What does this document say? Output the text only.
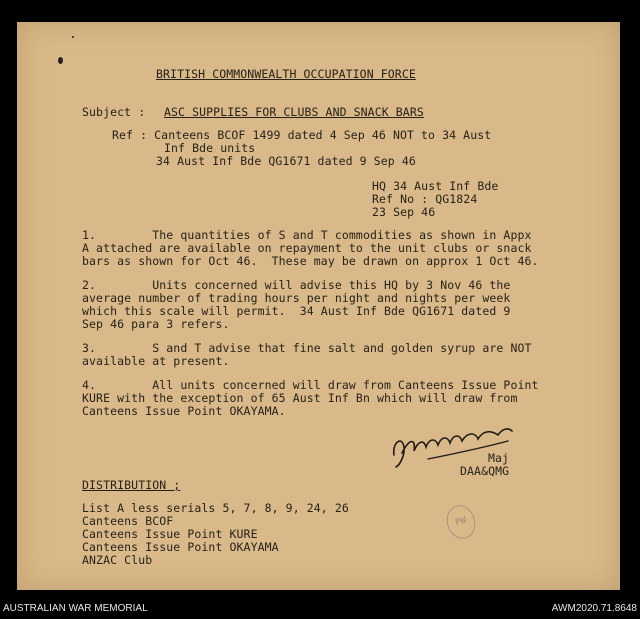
BRITISH COMMONWEALTH OCCUPATION FORCE
Subject : ASC SUPPLIES FOR CLUBS AND SNACK BARS
Ref : Canteens BCOF 1499 dated 4 Sep 46 NOT to 34 Aust
Inf Bde units
34 Aust Inf Bde QG1671 dated 9 Sep 46
HQ 34 Aust Inf Bde
Ref No : QG1824
23 Sep 46
1.        The quantities of S and T commodities as shown in Appx
A attached are available on repayment to the unit clubs or snack
bars as shown for Oct 46.  These may be drawn on approx 1 Oct 46.
2.        Units concerned will advise this HQ by 3 Nov 46 the
average number of trading hours per night and nights per week
which this scale will permit.  34 Aust Inf Bde QG1671 dated 9
Sep 46 para 3 refers.
3.        S and T advise that fine salt and golden syrup are NOT
available at present.
4.        All units concerned will draw from Canteens Issue Point
KURE with the exception of 65 Aust Inf Bn which will draw from
Canteens Issue Point OKAYAMA.
Maj
DAA&QMG
DISTRIBUTION ;
List A less serials 5, 7, 8, 9, 24, 26
Canteens BCOF
Canteens Issue Point KURE
Canteens Issue Point OKAYAMA
ANZAC Club
PW
AUSTRALIAN WAR MEMORIAL	AWM2020.71.8648
